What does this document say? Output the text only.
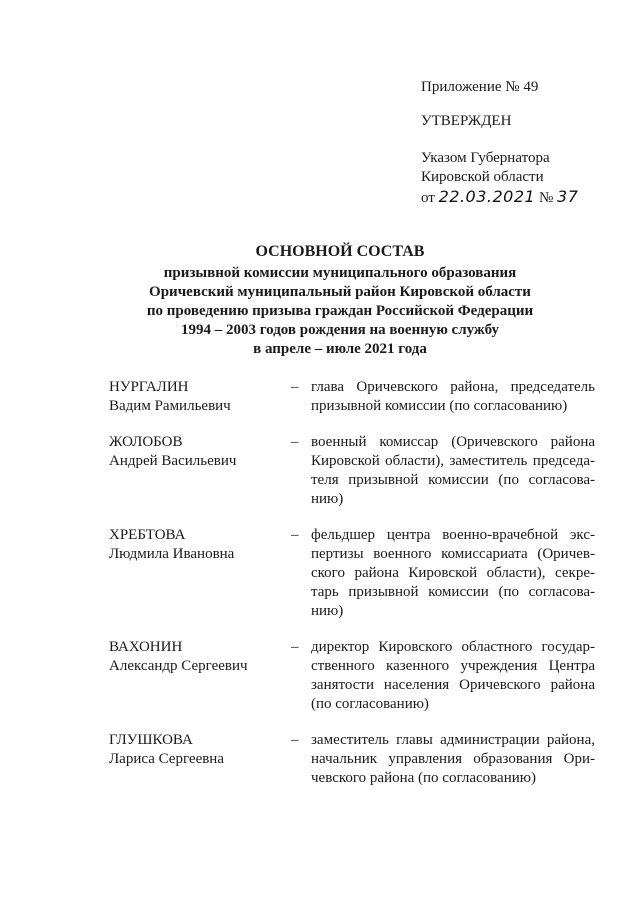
Приложение № 49
УТВЕРЖДЕН
Указом Губернатора
Кировской области
от 22.03.2021 № 37
ОСНОВНОЙ СОСТАВ
призывной комиссии муниципального образования
Оричевский муниципальный район Кировской области
по проведению призыва граждан Российской Федерации
1994 – 2003 годов рождения на военную службу
в апреле – июле 2021 года
НУРГАЛИН
Вадим Рамильевич
– глава Оричевского района, председатель
призывной комиссии (по согласованию)
ЖОЛОБОВ
Андрей Васильевич
– военный комиссар (Оричевского района
Кировской области), заместитель председа-
теля призывной комиссии (по согласова-
нию)
ХРЕБТОВА
Людмила Ивановна
– фельдшер центра военно-врачебной экс-
пертизы военного комиссариата (Оричев-
ского района Кировской области), секре-
тарь призывной комиссии (по согласова-
нию)
ВАХОНИН
Александр Сергеевич
– директор Кировского областного государ-
ственного казенного учреждения Центра
занятости населения Оричевского района
(по согласованию)
ГЛУШКОВА
Лариса Сергеевна
– заместитель главы администрации района,
начальник управления образования Ори-
чевского района (по согласованию)
